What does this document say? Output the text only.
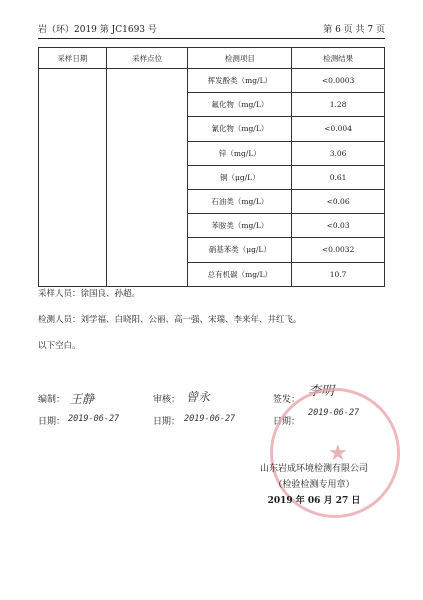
岩（环）2019 第 JC1693 号	第 6 页 共 7 页
采样日期	采样点位	检测项目	检测结果
		挥发酚类（mg/L）	<0.0003
		氟化物（mg/L）	1.28
		氰化物（mg/L）	<0.004
		锌（mg/L）	3.06
		铜（μg/L）	0.61
		石油类（mg/L）	<0.06
		苯胺类（mg/L）	<0.03
		硝基苯类（μg/L）	<0.0032
		总有机碳（mg/L）	10.7
采样人员：徐国良、孙超。
检测人员：刘学福、白晓阳、公丽、高一强、宋瑞、李来年、井红飞。
以下空白。
编制： 王静	审核： 曾永	签发：
李明
日期： 2019-06-27	日期： 2019-06-27	日期：
2019-06-27
★
山东岩成环境检测有限公司
（检验检测专用章）
2019 年 06 月 27 日
